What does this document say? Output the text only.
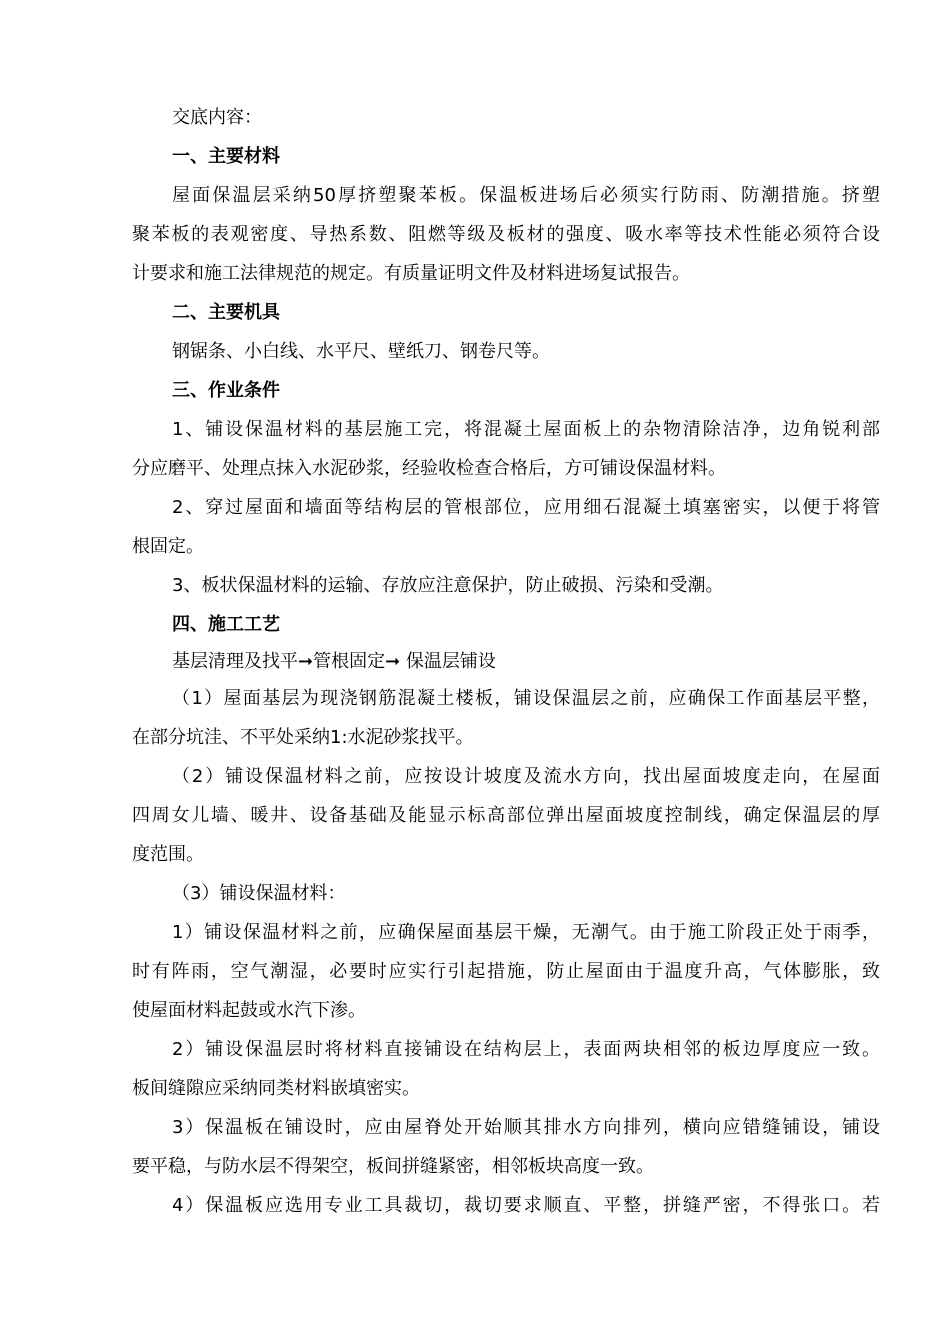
交底内容：
一、主要材料
屋面保温层采纳50厚挤塑聚苯板。保温板进场后必须实行防雨、防潮措施。挤塑
聚苯板的表观密度、导热系数、阻燃等级及板材的强度、吸水率等技术性能必须符合设
计要求和施工法律规范的规定。有质量证明文件及材料进场复试报告。
二、主要机具
钢锯条、小白线、水平尺、壁纸刀、钢卷尺等。
三、作业条件
1、铺设保温材料的基层施工完，将混凝土屋面板上的杂物清除洁净，边角锐利部
分应磨平、处理点抹入水泥砂浆，经验收检查合格后，方可铺设保温材料。
2、穿过屋面和墙面等结构层的管根部位，应用细石混凝土填塞密实，以便于将管
根固定。
3、板状保温材料的运输、存放应注意保护，防止破损、污染和受潮。
四、施工工艺
基层清理及找平➞管根固定➞ 保温层铺设
（1）屋面基层为现浇钢筋混凝土楼板，铺设保温层之前，应确保工作面基层平整，
在部分坑洼、不平处采纳1:水泥砂浆找平。
（2）铺设保温材料之前，应按设计坡度及流水方向，找出屋面坡度走向，在屋面
四周女儿墙、暖井、设备基础及能显示标高部位弹出屋面坡度控制线，确定保温层的厚
度范围。
（3）铺设保温材料：
1）铺设保温材料之前，应确保屋面基层干燥，无潮气。由于施工阶段正处于雨季，
时有阵雨，空气潮湿，必要时应实行引起措施，防止屋面由于温度升高，气体膨胀，致
使屋面材料起鼓或水汽下渗。
2）铺设保温层时将材料直接铺设在结构层上，表面两块相邻的板边厚度应一致。
板间缝隙应采纳同类材料嵌填密实。
3）保温板在铺设时，应由屋脊处开始顺其排水方向排列，横向应错缝铺设，铺设
要平稳，与防水层不得架空，板间拼缝紧密，相邻板块高度一致。
4）保温板应选用专业工具裁切，裁切要求顺直、平整，拼缝严密，不得张口。若
